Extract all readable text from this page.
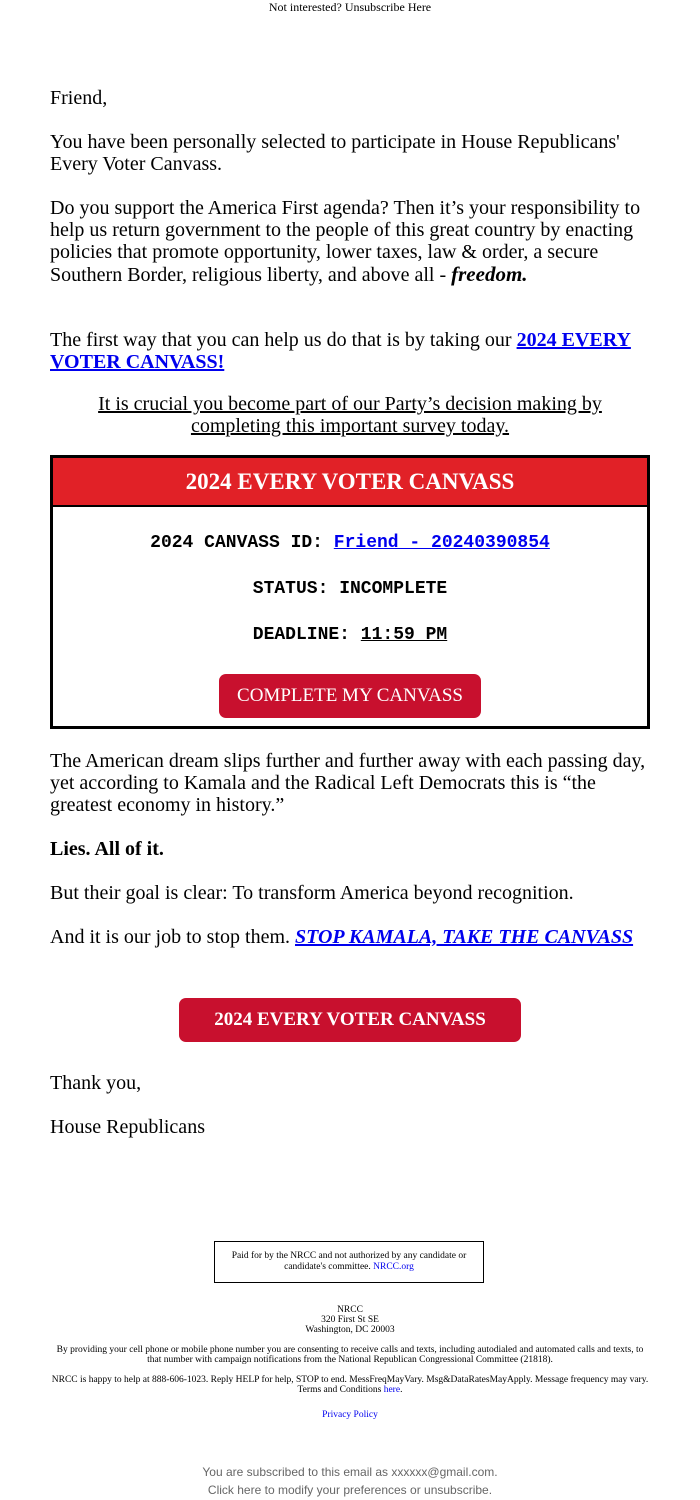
Not interested? Unsubscribe Here
Friend,
You have been personally selected to participate in House Republicans' Every Voter Canvass.
Do you support the America First agenda? Then it’s your responsibility to help us return government to the people of this great country by enacting policies that promote opportunity, lower taxes, law & order, a secure Southern Border, religious liberty, and above all - freedom.
The first way that you can help us do that is by taking our 2024 EVERY VOTER CANVASS!
It is crucial you become part of our Party’s decision making by
completing this important survey today.
2024 EVERY VOTER CANVASS
2024 CANVASS ID: Friend - 20240390854
STATUS: INCOMPLETE
DEADLINE: 11:59 PM
COMPLETE MY CANVASS
The American dream slips further and further away with each passing day, yet according to Kamala and the Radical Left Democrats this is “the greatest economy in history.”
Lies. All of it.
But their goal is clear: To transform America beyond recognition.
And it is our job to stop them. STOP KAMALA, TAKE THE CANVASS
2024 EVERY VOTER CANVASS
Thank you,
House Republicans
Paid for by the NRCC and not authorized by any candidate or candidate's committee. NRCC.org
NRCC
320 First St SE
Washington, DC 20003
By providing your cell phone or mobile phone number you are consenting to receive calls and texts, including autodialed and automated calls and texts, to that number with campaign notifications from the National Republican Congressional Committee (21818).
NRCC is happy to help at 888-606-1023. Reply HELP for help, STOP to end. MessFreqMayVary. Msg&DataRatesMayApply. Message frequency may vary. Terms and Conditions here.
Privacy Policy
You are subscribed to this email as xxxxxx@gmail.com.
Click here to modify your preferences or unsubscribe.
